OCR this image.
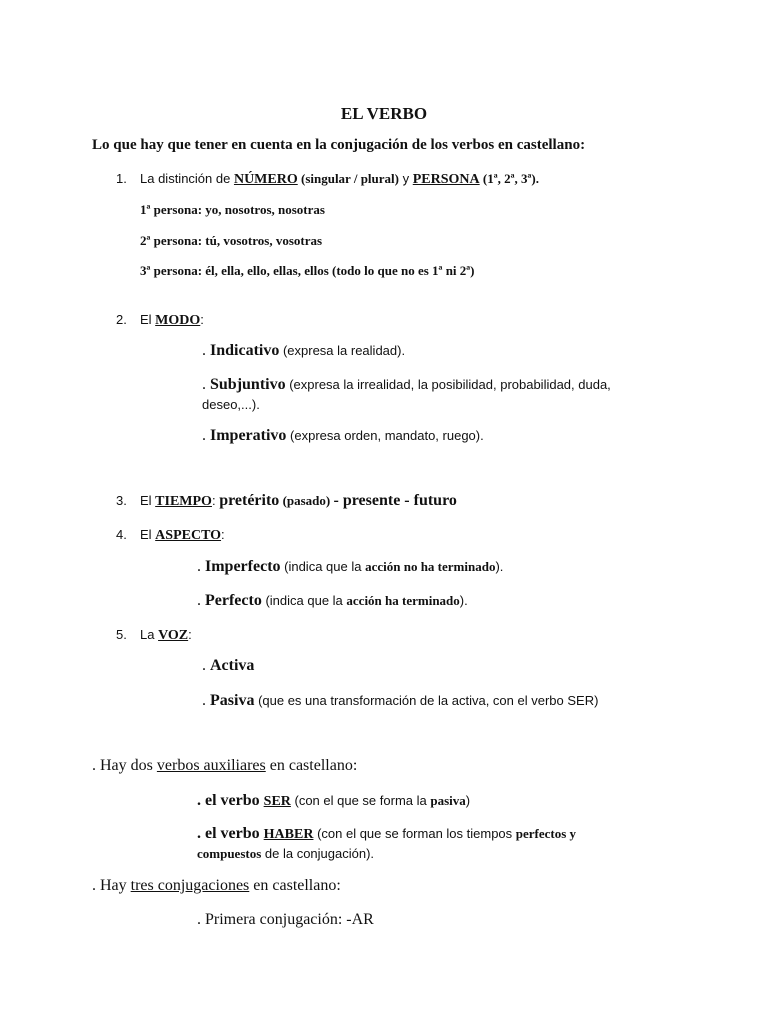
EL VERBO
Lo que hay que tener en cuenta en la conjugación de los verbos en castellano:
1. La distinción de NÚMERO (singular / plural) y PERSONA (1ª, 2ª, 3ª).
1ª persona: yo, nosotros, nosotras
2ª persona: tú, vosotros, vosotras
3ª persona: él, ella, ello, ellas, ellos (todo lo que no es 1ª ni 2ª)
2. El MODO:
. Indicativo (expresa la realidad).
. Subjuntivo (expresa la irrealidad, la posibilidad, probabilidad, duda,
deseo,...).
. Imperativo (expresa orden, mandato, ruego).
3. El TIEMPO: pretérito (pasado) - presente - futuro
4. El ASPECTO:
. Imperfecto (indica que la acción no ha terminado).
. Perfecto (indica que la acción ha terminado).
5. La VOZ:
. Activa
. Pasiva (que es una transformación de la activa, con el verbo SER)
. Hay dos verbos auxiliares en castellano:
. el verbo SER (con el que se forma la pasiva)
. el verbo HABER (con el que se forman los tiempos perfectos y
compuestos de la conjugación).
. Hay tres conjugaciones en castellano:
. Primera conjugación: -AR
